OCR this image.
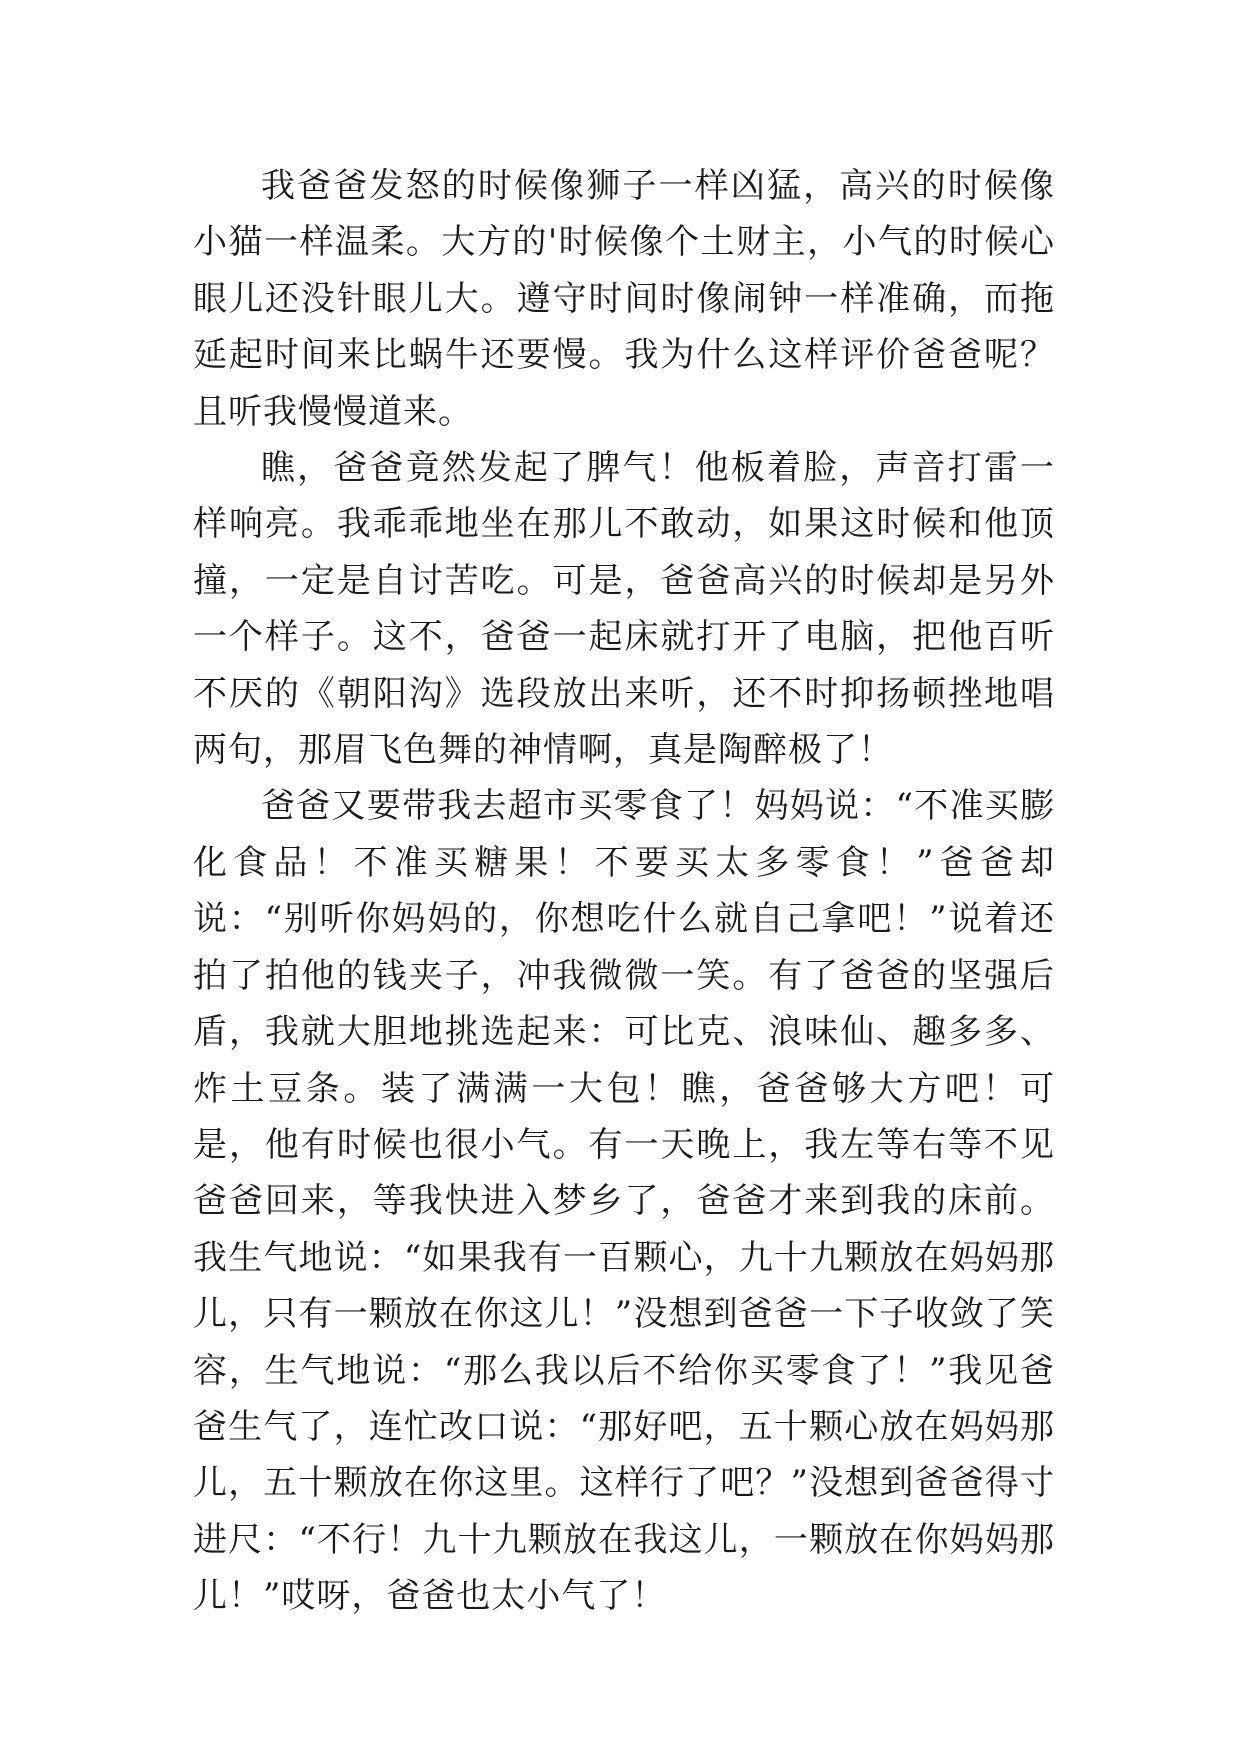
我爸爸发怒的时候像狮子一样凶猛，高兴的时候像小猫一样温柔。大方的'时候像个土财主，小气的时候心眼儿还没针眼儿大。遵守时间时像闹钟一样准确，而拖延起时间来比蜗牛还要慢。我为什么这样评价爸爸呢？且听我慢慢道来。

瞧，爸爸竟然发起了脾气！他板着脸，声音打雷一样响亮。我乖乖地坐在那儿不敢动，如果这时候和他顶撞，一定是自讨苦吃。可是，爸爸高兴的时候却是另外一个样子。这不，爸爸一起床就打开了电脑，把他百听不厌的《朝阳沟》选段放出来听，还不时抑扬顿挫地唱两句，那眉飞色舞的神情啊，真是陶醉极了！

爸爸又要带我去超市买零食了！妈妈说：“不准买膨化食品！不准买糖果！不要买太多零食！”爸爸却说：“别听你妈妈的，你想吃什么就自己拿吧！”说着还拍了拍他的钱夹子，冲我微微一笑。有了爸爸的坚强后盾，我就大胆地挑选起来：可比克、浪味仙、趣多多、炸土豆条。装了满满一大包！瞧，爸爸够大方吧！可是，他有时候也很小气。有一天晚上，我左等右等不见爸爸回来，等我快进入梦乡了，爸爸才来到我的床前。我生气地说：“如果我有一百颗心，九十九颗放在妈妈那儿，只有一颗放在你这儿！”没想到爸爸一下子收敛了笑容，生气地说：“那么我以后不给你买零食了！”我见爸爸生气了，连忙改口说：“那好吧，五十颗心放在妈妈那儿，五十颗放在你这里。这样行了吧？”没想到爸爸得寸进尺：“不行！九十九颗放在我这儿，一颗放在你妈妈那儿！”哎呀，爸爸也太小气了！
